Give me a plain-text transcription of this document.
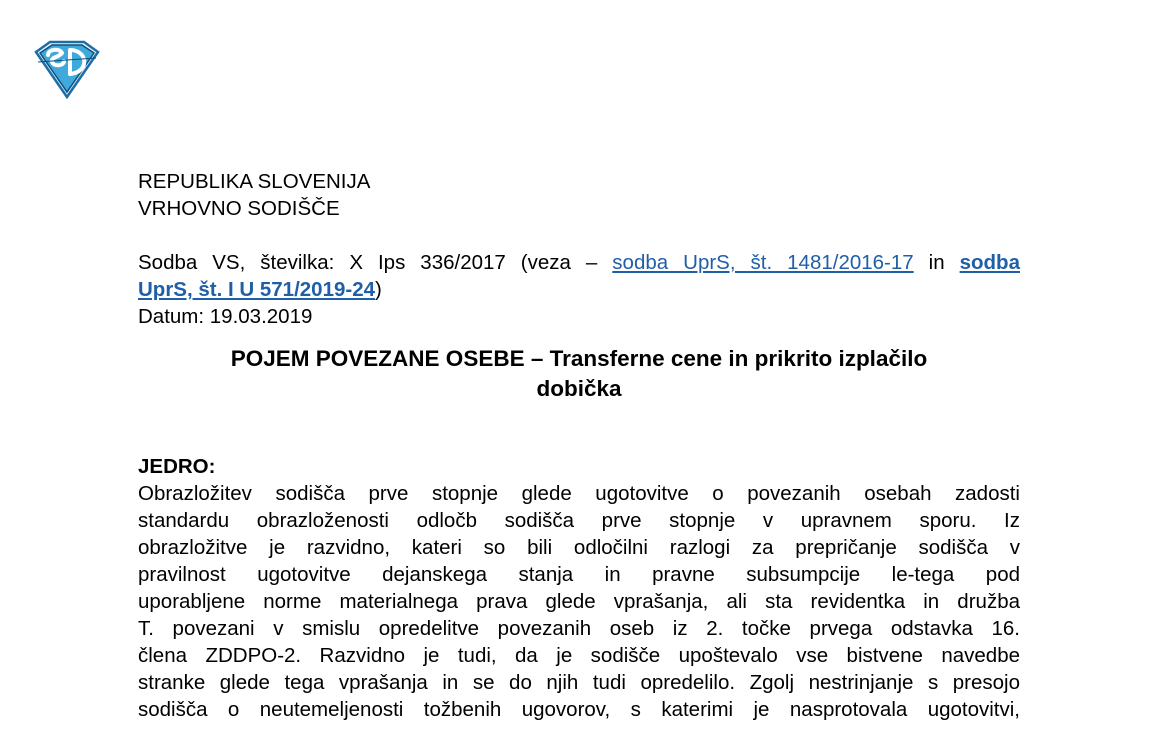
REPUBLIKA SLOVENIJA
VRHOVNO SODIŠČE
Sodba VS, številka: X Ips 336/2017 (veza – sodba UprS, št. 1481/2016-17 in sodba
UprS, št. I U 571/2019-24)
Datum: 19.03.2019
POJEM POVEZANE OSEBE – Transferne cene in prikrito izplačilo
dobička
JEDRO:
Obrazložitev sodišča prve stopnje glede ugotovitve o povezanih osebah zadosti
standardu obrazloženosti odločb sodišča prve stopnje v upravnem sporu. Iz
obrazložitve je razvidno, kateri so bili odločilni razlogi za prepričanje sodišča v
pravilnost ugotovitve dejanskega stanja in pravne subsumpcije le-tega pod
uporabljene norme materialnega prava glede vprašanja, ali sta revidentka in družba
T. povezani v smislu opredelitve povezanih oseb iz 2. točke prvega odstavka 16.
člena ZDDPO-2. Razvidno je tudi, da je sodišče upoštevalo vse bistvene navedbe
stranke glede tega vprašanja in se do njih tudi opredelilo. Zgolj nestrinjanje s presojo
sodišča o neutemeljenosti tožbenih ugovorov, s katerimi je nasprotovala ugotovitvi,
